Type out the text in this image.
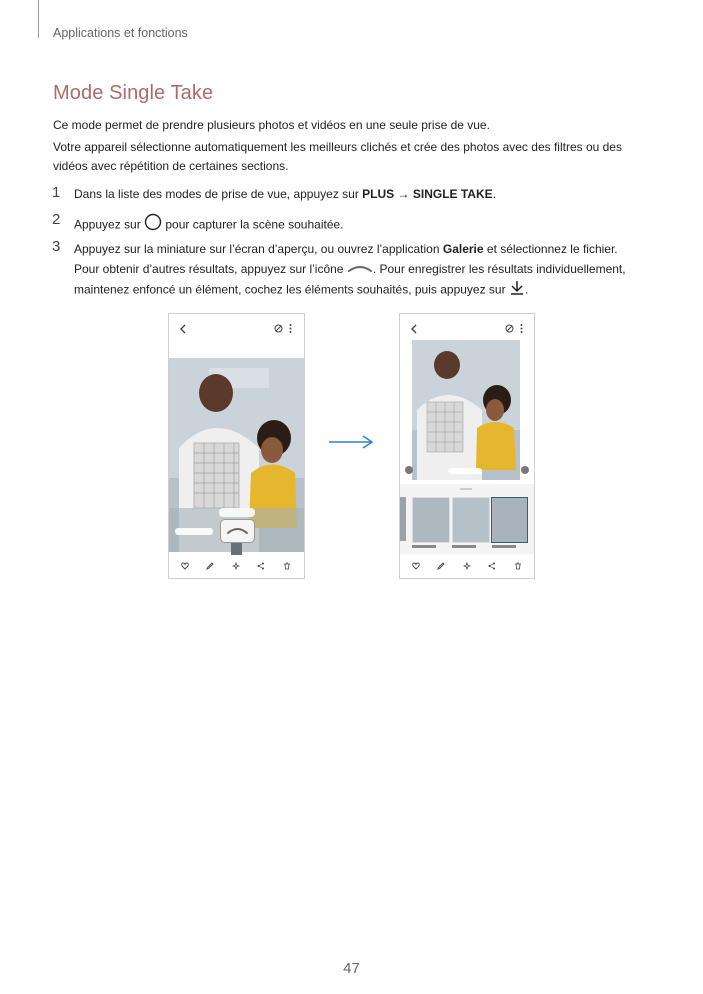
Applications et fonctions
Mode Single Take
Ce mode permet de prendre plusieurs photos et vidéos en une seule prise de vue.
Votre appareil sélectionne automatiquement les meilleurs clichés et crée des photos avec des filtres ou des
vidéos avec répétition de certaines sections.
1 Dans la liste des modes de prise de vue, appuyez sur PLUS → SINGLE TAKE.
2 Appuyez sur  pour capturer la scène souhaitée.
3 Appuyez sur la miniature sur l’écran d’aperçu, ou ouvrez l’application Galerie et sélectionnez le fichier.
Pour obtenir d’autres résultats, appuyez sur l’icône . Pour enregistrer les résultats individuellement,
maintenez enfoncé un élément, cochez les éléments souhaités, puis appuyez sur .
47
